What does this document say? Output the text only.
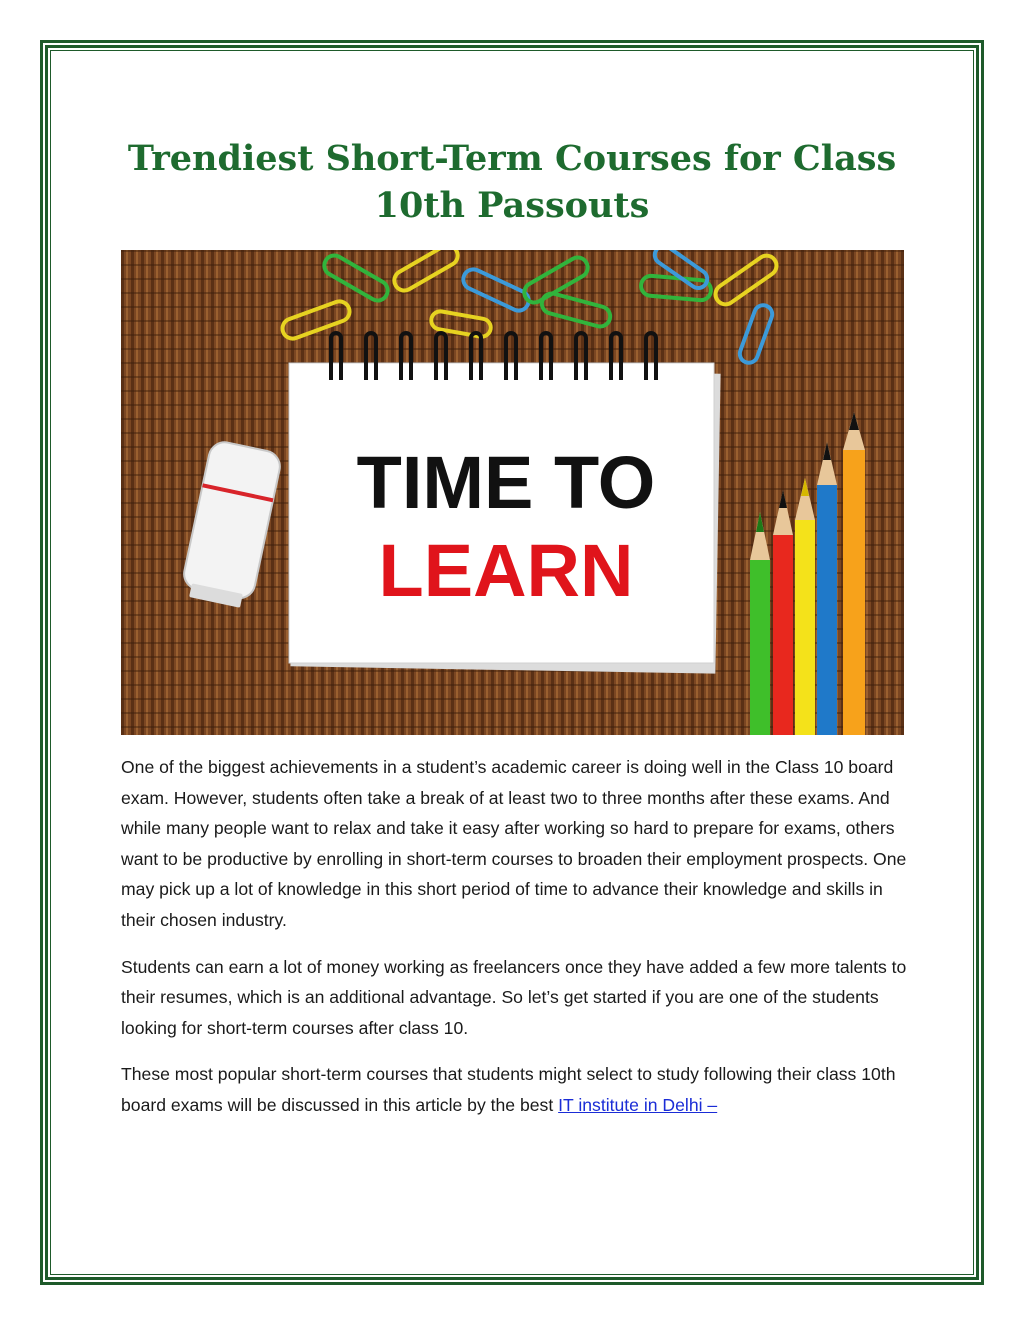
Trendiest Short-Term Courses for Class
10th Passouts
TIME TO
LEARN

One of the biggest achievements in a student’s academic career is doing well in the Class 10 board exam. However, students often take a break of at least two to three months after these exams. And while many people want to relax and take it easy after working so hard to prepare for exams, others want to be productive by enrolling in short-term courses to broaden their employment prospects. One may pick up a lot of knowledge in this short period of time to advance their knowledge and skills in their chosen industry.

Students can earn a lot of money working as freelancers once they have added a few more talents to their resumes, which is an additional advantage. So let’s get started if you are one of the students looking for short-term courses after class 10.

These most popular short-term courses that students might select to study following their class 10th board exams will be discussed in this article by the best IT institute in Delhi –
